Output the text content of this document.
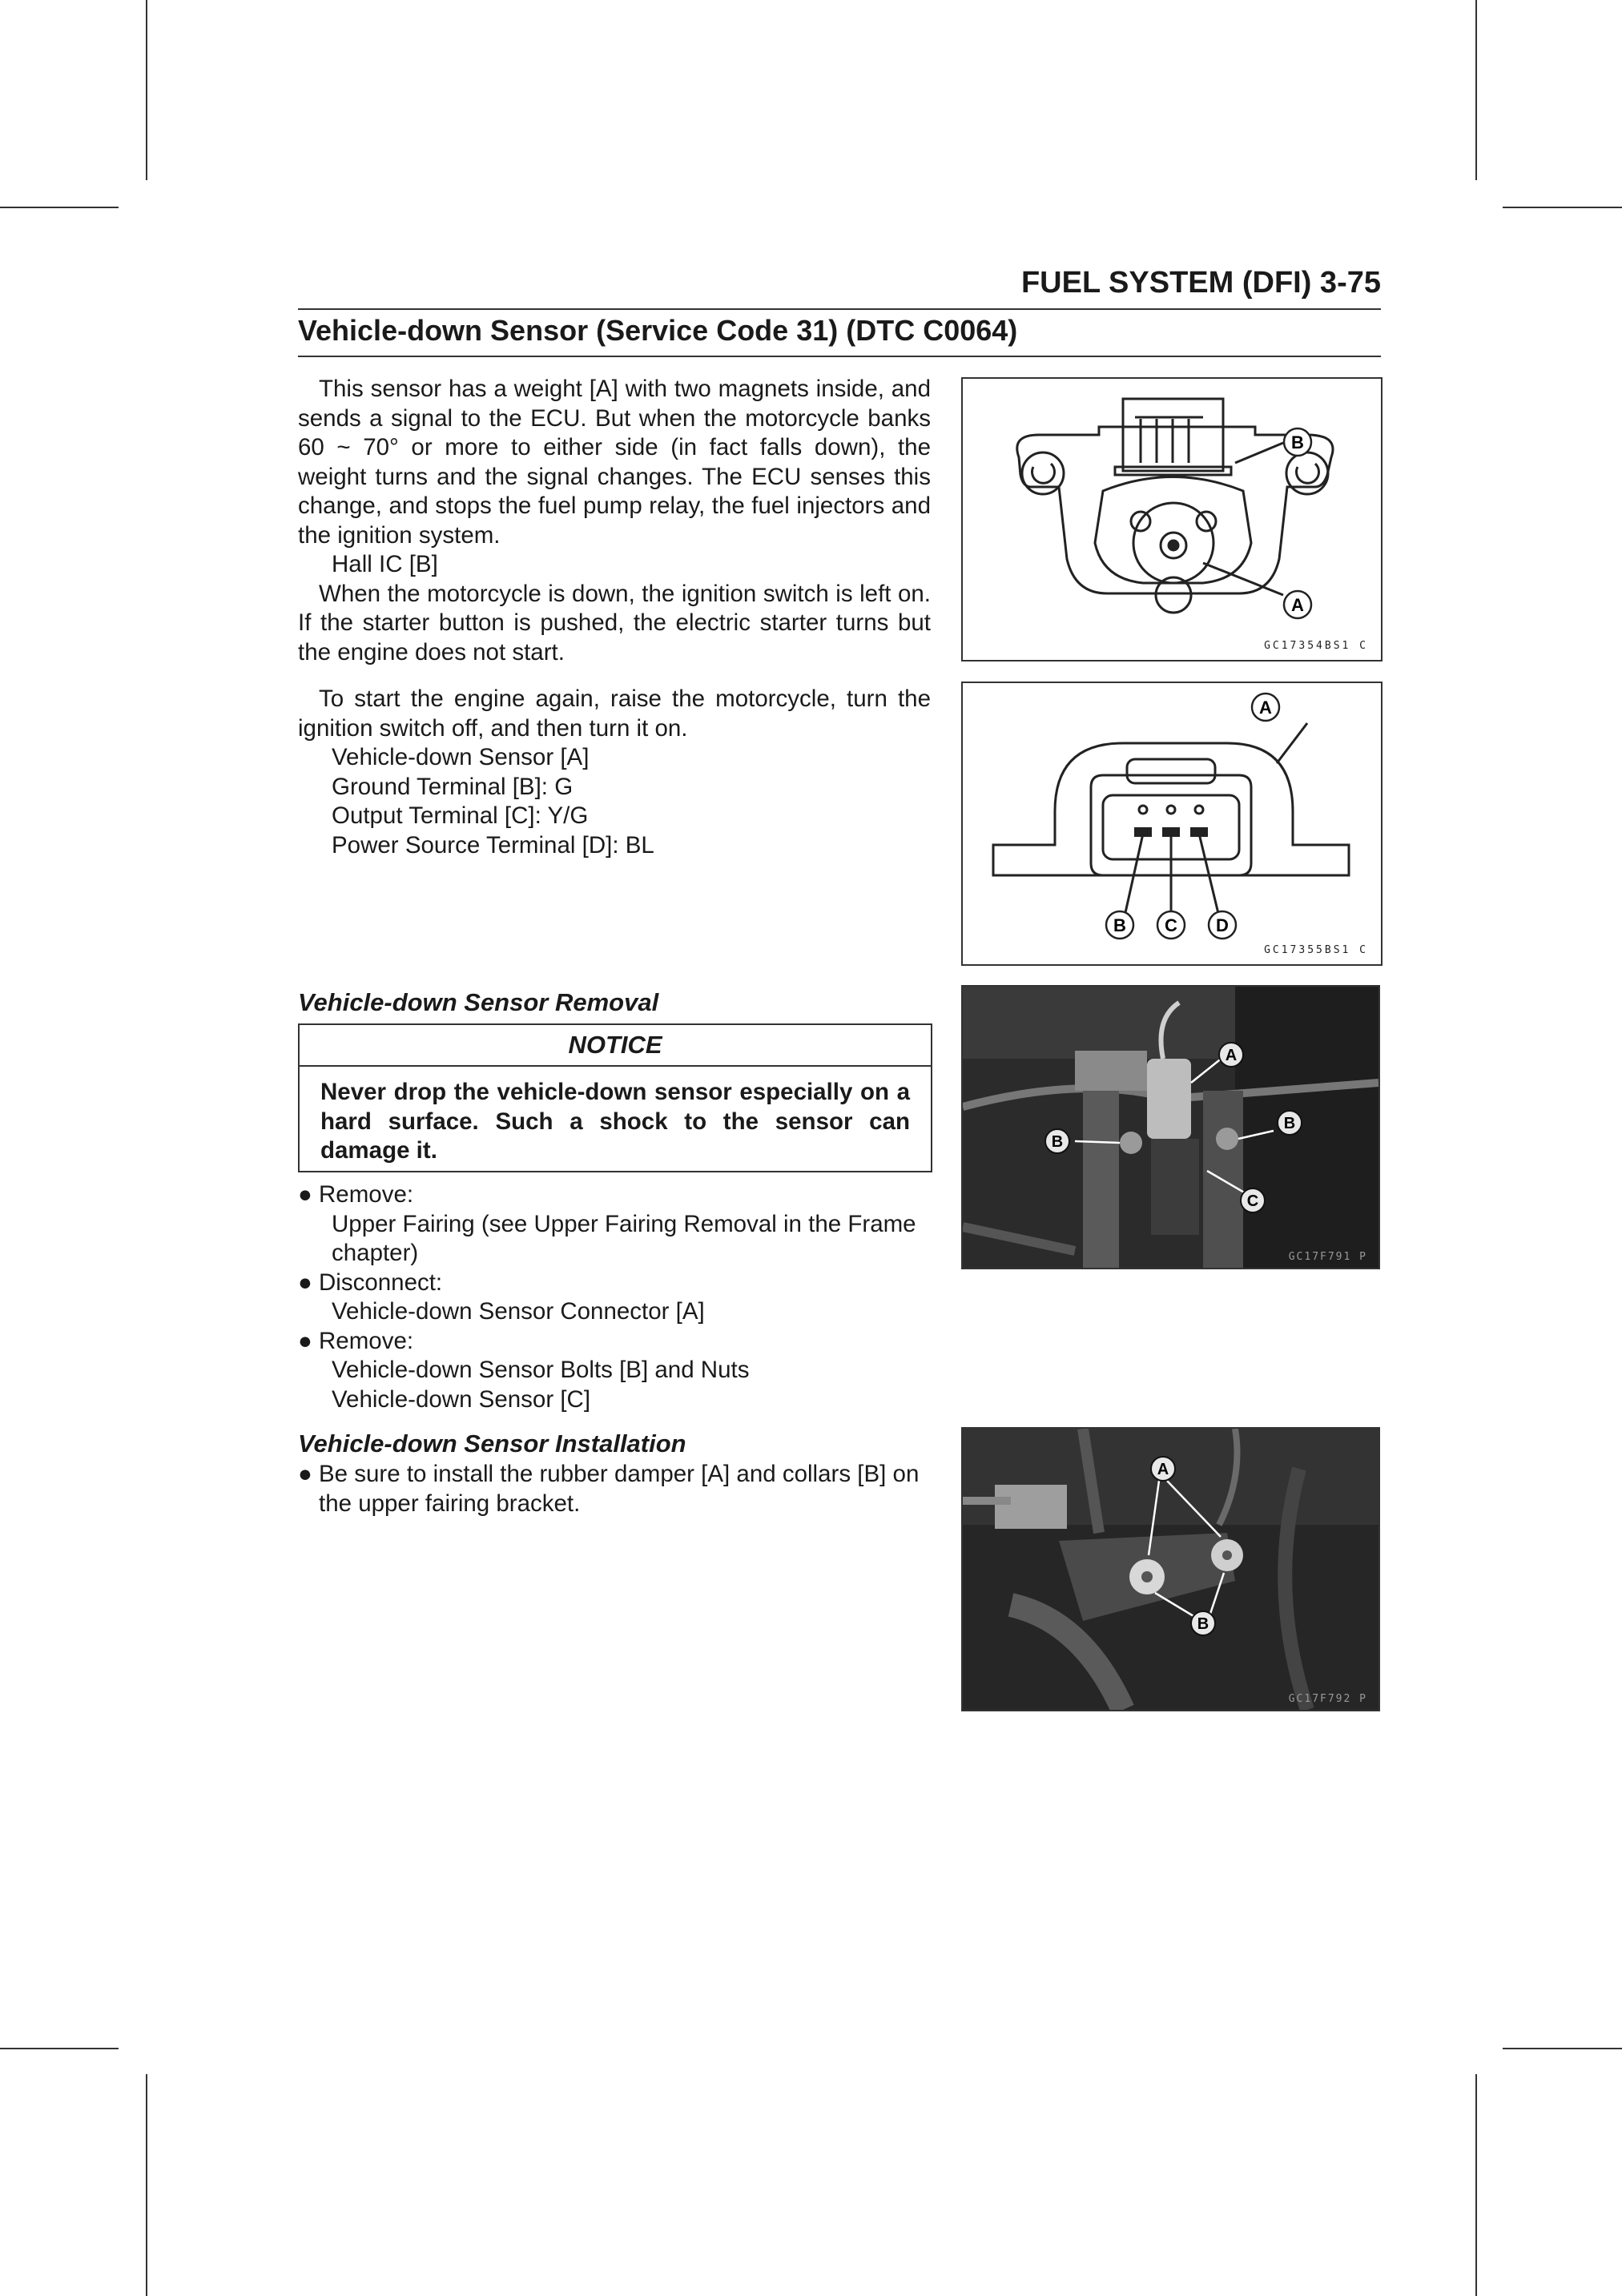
FUEL SYSTEM (DFI) 3-75
Vehicle-down Sensor (Service Code 31) (DTC C0064)

This sensor has a weight [A] with two magnets inside, and sends a signal to the ECU. But when the motorcycle banks 60 ~ 70° or more to either side (in fact falls down), the weight turns and the signal changes. The ECU senses this change, and stops the fuel pump relay, the fuel injectors and the ignition system.

Hall IC [B]

When the motorcycle is down, the ignition switch is left on. If the starter button is pushed, the electric starter turns but the engine does not start.

To start the engine again, raise the motorcycle, turn the ignition switch off, and then turn it on.

Vehicle-down Sensor [A]

Ground Terminal [B]: G

Output Terminal [C]: Y/G

Power Source Terminal [D]: BL

Vehicle-down Sensor Removal
NOTICE
Never drop the vehicle-down sensor especially on a hard surface. Such a shock to the sensor can damage it.

● Remove:

Upper Fairing (see Upper Fairing Removal in the Frame chapter)

● Disconnect:

Vehicle-down Sensor Connector [A]

● Remove:

Vehicle-down Sensor Bolts [B] and Nuts

Vehicle-down Sensor [C]

Vehicle-down Sensor Installation

● Be sure to install the rubber damper [A] and collars [B] on the upper fairing bracket.

B
A
GC17354BS1 C
A
B C D
GC17355BS1 C
A
B
B
C
GC17F791 P
A
B
GC17F792 P
